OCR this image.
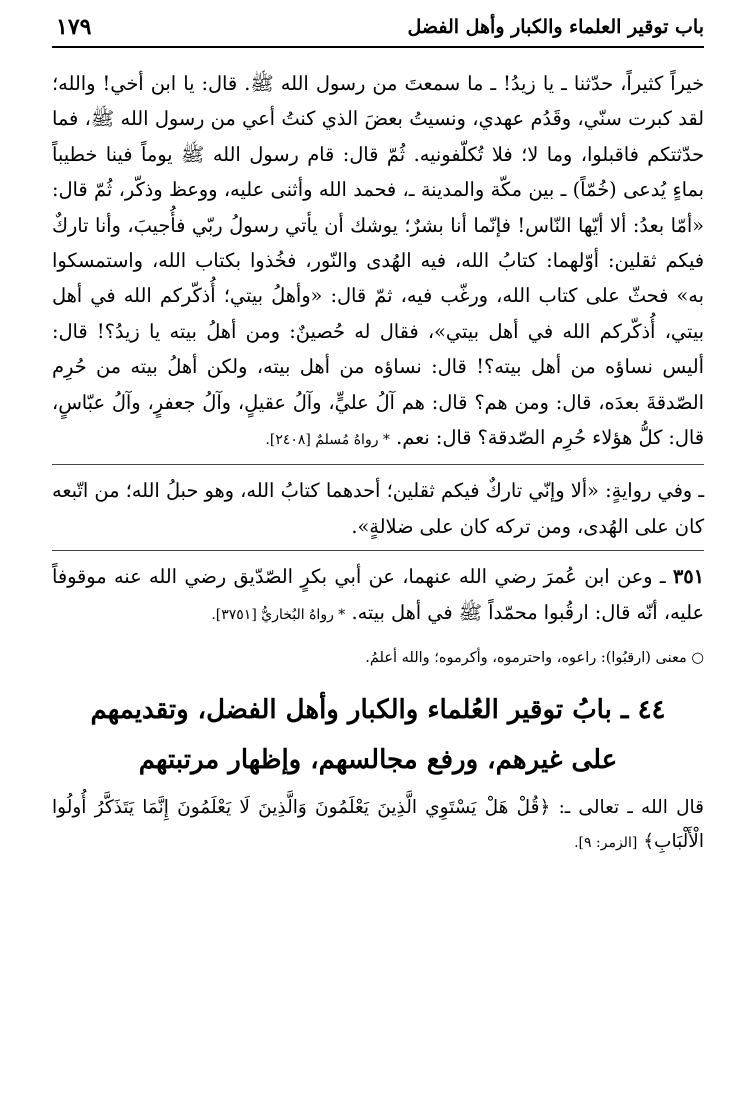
باب توقير العلماء والكبار وأهل الفضل
١٧٩

خيراً كثيراً، حدّثنا ـ يا زيدُ! ـ ما سمعتَ من رسول الله ﷺ. قال: يا ابن أخي! والله؛ لقد كبرت سنّي، وقَدُم عهدي، ونسيتُ بعضَ الذي كنتُ أعي من رسول الله ﷺ، فما حدّثتكم فاقبلوا، وما لا؛ فلا تُكلّفونيه. ثُمّ قال: قام رسول الله ﷺ يوماً فينا خطيباً بماءٍ يُدعى (خُمّاً) ـ بين مكّة والمدينة ـ، فحمد الله وأثنى عليه، ووعظ وذكّر، ثُمّ قال: «أمّا بعدُ: ألا أيّها النّاس! فإنّما أنا بشرٌ؛ يوشك أن يأتي رسولُ ربّي فأُجيبَ، وأنا تاركٌ فيكم ثقلين: أوّلهما: كتابُ الله، فيه الهُدى والنّور، فخُذوا بكتاب الله، واستمسكوا به» فحثّ على كتاب الله، ورغّب فيه، ثمّ قال: «وأهلُ بيتي؛ أُذكّركم الله في أهل بيتي، أُذكّركم الله في أهل بيتي»، فقال له حُصينٌ: ومن أهلُ بيته يا زيدُ؟! قال: أليس نساؤه من أهل بيته؟! قال: نساؤه من أهل بيته، ولكن أهلُ بيته من حُرِم الصّدقةَ بعدَه، قال: ومن هم؟ قال: هم آلُ عليٍّ، وآلُ عقيلٍ، وآلُ جعفرٍ، وآلُ عبّاسٍ، قال: كلُّ هؤلاء حُرِم الصّدقة؟ قال: نعم. * رواهُ مُسلمٌ [٢٤٠٨].

ـ وفي روايةٍ: «ألا وإنّي تاركٌ فيكم ثقلين؛ أحدهما كتابُ الله، وهو حبلُ الله؛ من اتّبعه كان على الهُدى، ومن تركه كان على ضلالةٍ».

٣٥١ ـ وعن ابن عُمرَ رضي الله عنهما، عن أبي بكرٍ الصّدّيق رضي الله عنه موقوفاً عليه، أنّه قال: ارقُبوا محمّداً ﷺ في أهل بيته. * رواهُ البُخاريُّ [٣٧٥١].

○ معنى (ارقبُوا): راعوه، واحترموه، وأكرموه؛ والله أعلمُ.

٤٤ ـ بابُ توقير العُلماء والكبار وأهل الفضل، وتقديمهم
على غيرهم، ورفع مجالسهم، وإظهار مرتبتهم

قال الله ـ تعالى ـ: ﴿قُلْ هَلْ يَسْتَوِي الَّذِينَ يَعْلَمُونَ وَالَّذِينَ لَا يَعْلَمُونَ إِنَّمَا يَتَذَكَّرُ أُولُوا الْأَلْبَابِ﴾ [الزمر: ٩].
